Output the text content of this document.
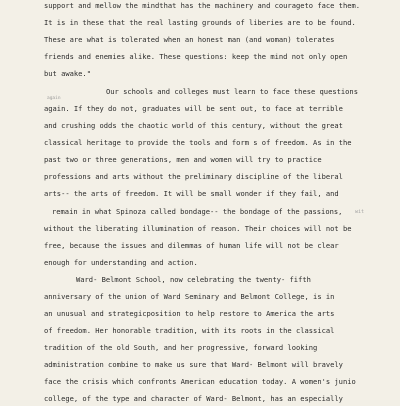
support and mellow the mindthat has the machinery and courageto face them.
It is in these that the real lasting grounds of liberies are to be found.
These are what is tolerated when an honest man (and woman) tolerates
friends and enemies alike. These questions: keep the mind not only open
but awake."
Our schools and colleges must learn to face these questions
again
again. If they do not, graduates will be sent out, to face at terrible
and crushing odds the chaotic world of this century, without the great
classical heritage to provide the tools and form s of freedom. As in the
past two or three generations, men and women will try to practice
professions and arts without the preliminary discipline of the liberal
arts-- the arts of freedom. It will be small wonder if they fail, and
remain in what Spinoza called bondage-- the bondage of the passions,	wit
without the liberating illumination of reason. Their choices will not be
free, because the issues and dilemmas of human life will not be clear
enough for understanding and action.
Ward- Belmont School, now celebrating the twenty- fifth
anniversary of the union of Ward Seminary and Belmont College, is in
an unusual and strategicposition to help restore to America the arts
of freedom. Her honorable tradition, with its roots in the classical
tradition of the old South, and her progressive, forward looking
administration combine to make us sure that Ward- Belmont will bravely
face the crisis which confronts American education today. A women's junio
college, of the type and character of Ward- Belmont, has an especially
